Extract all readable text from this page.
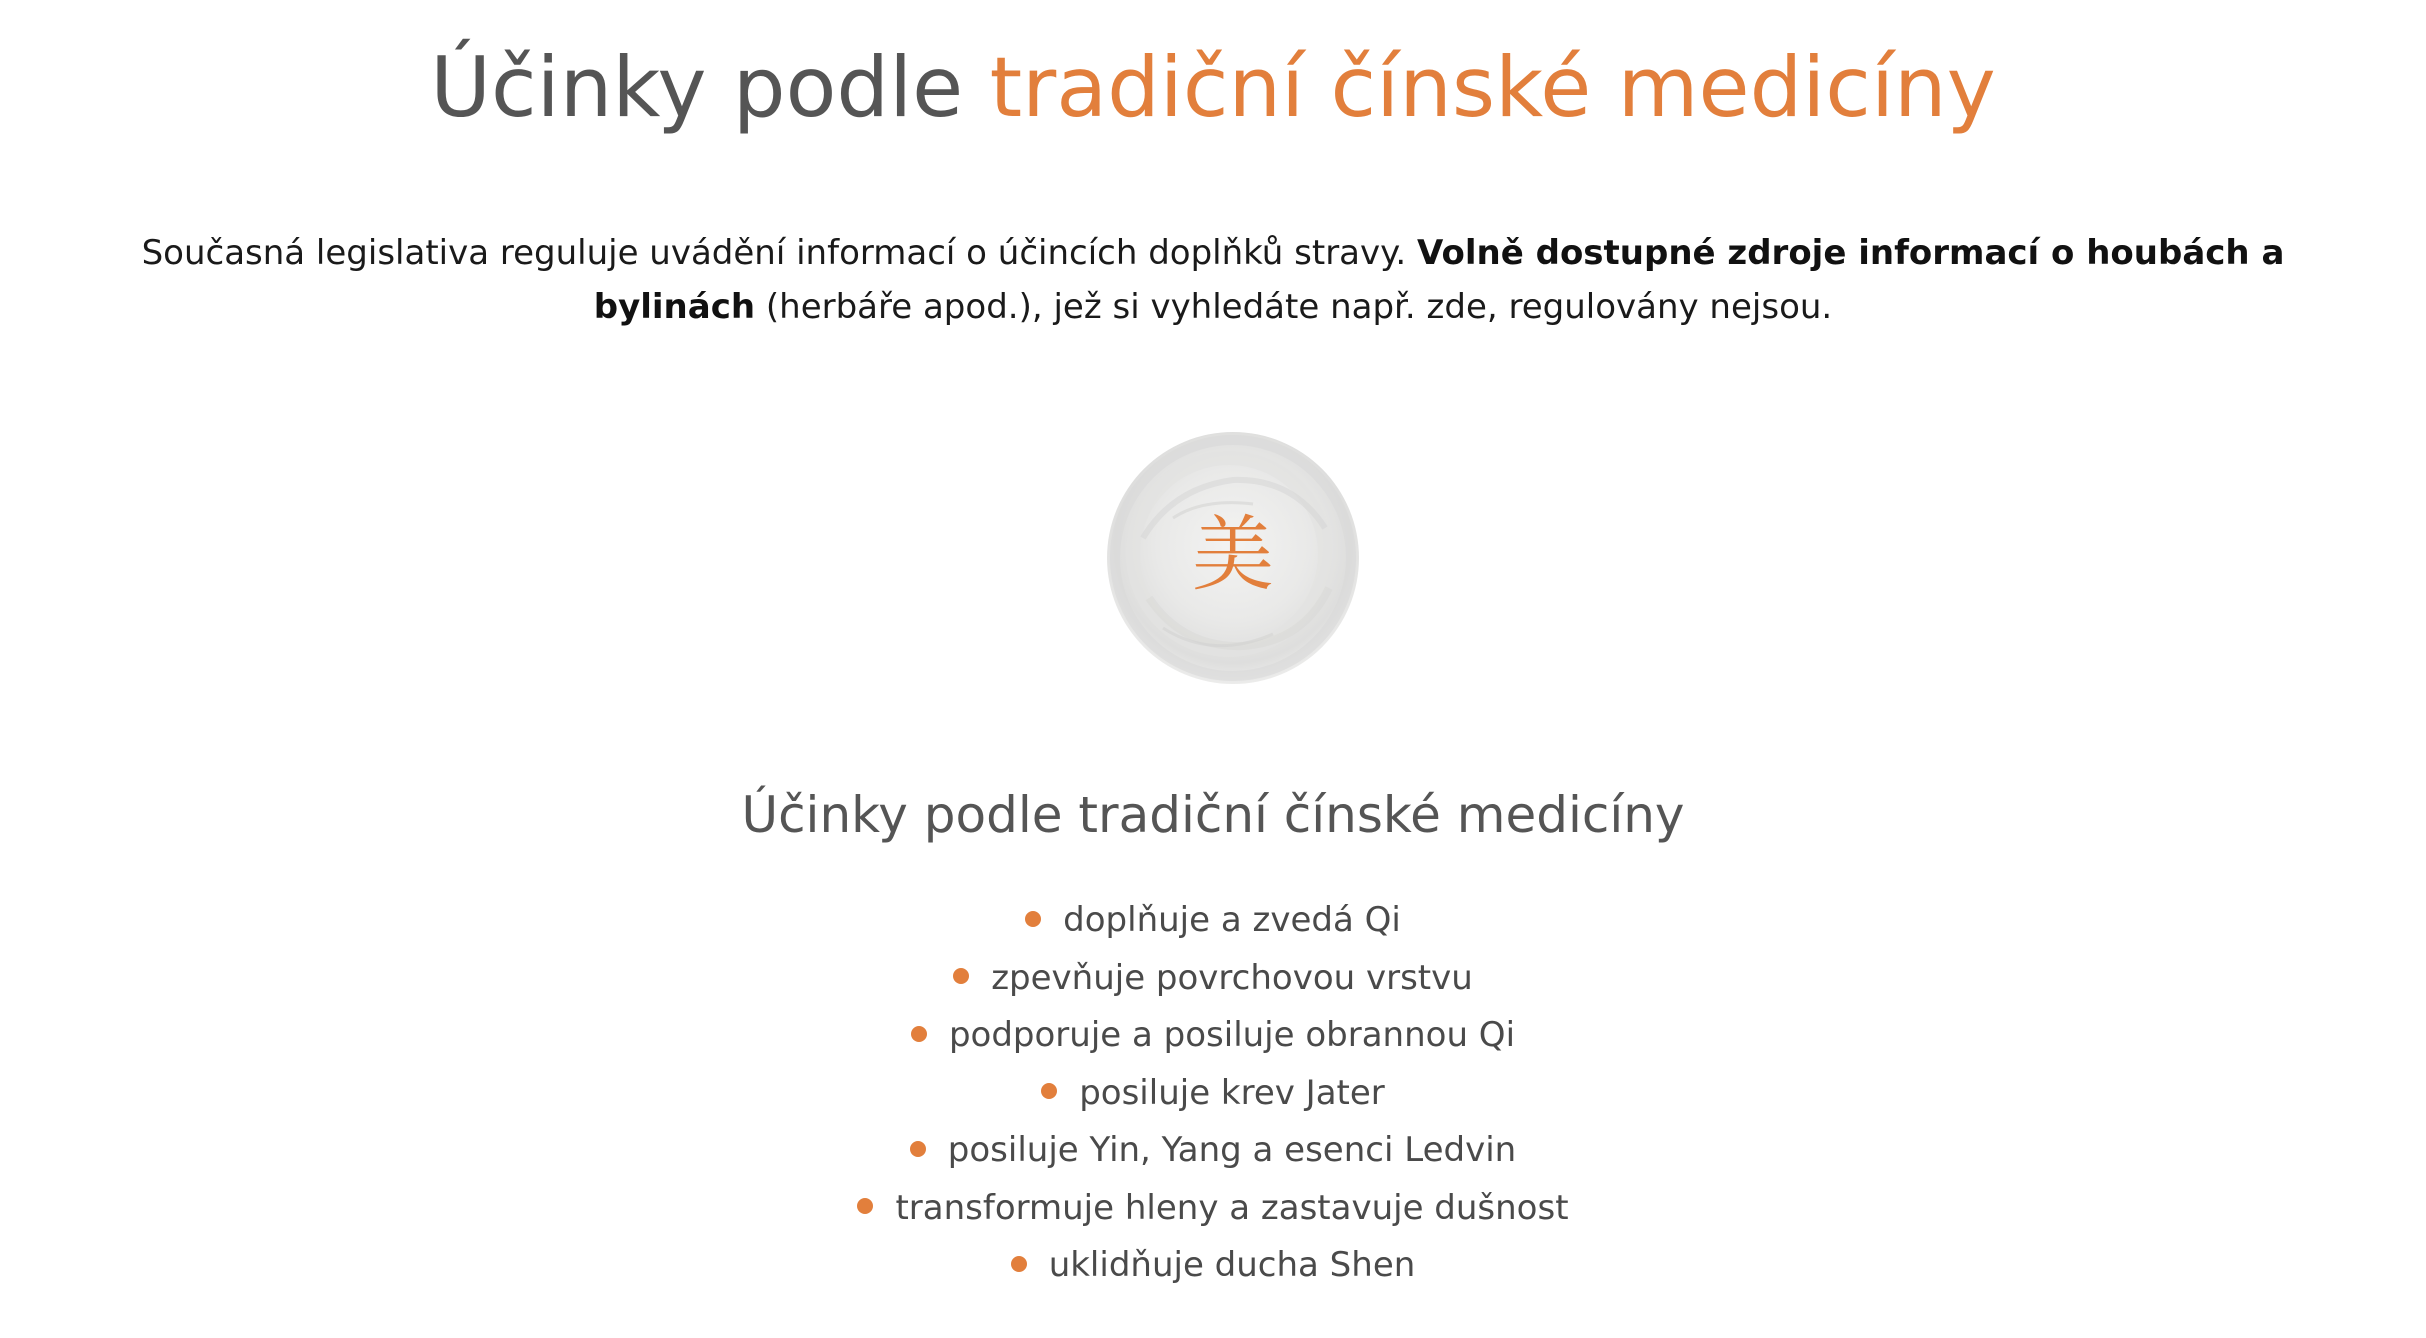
Účinky podle tradiční čínské medicíny

Současná legislativa reguluje uvádění informací o účincích doplňků stravy. Volně dostupné zdroje informací o houbách a bylinách (herbáře apod.), jež si vyhledáte např. zde, regulovány nejsou.

美
Účinky podle tradiční čínské medicíny
doplňuje a zvedá Qi
zpevňuje povrchovou vrstvu
podporuje a posiluje obrannou Qi
posiluje krev Jater
posiluje Yin, Yang a esenci Ledvin
transformuje hleny a zastavuje dušnost
uklidňuje ducha Shen
